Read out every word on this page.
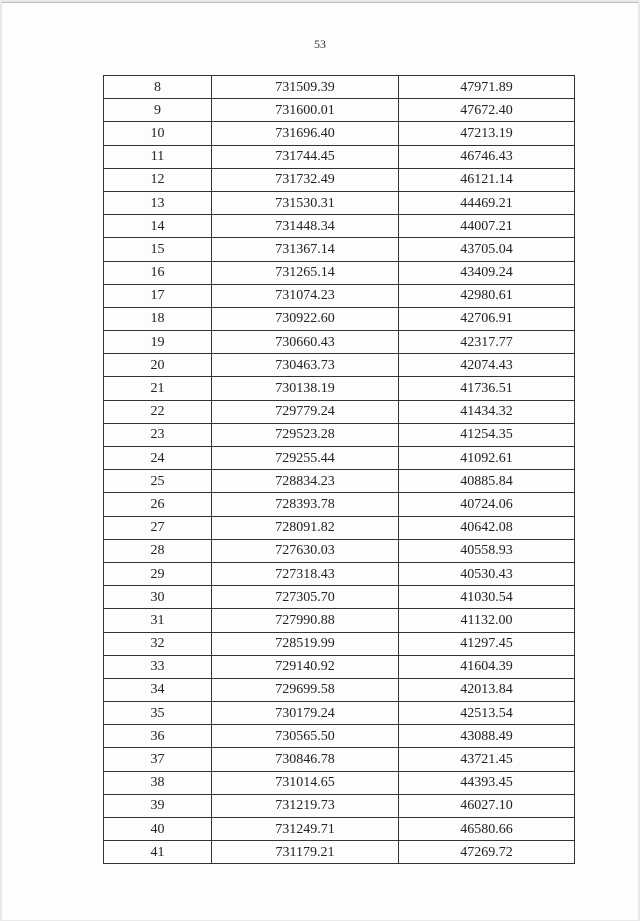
53
8	731509.39	47971.89
9	731600.01	47672.40
10	731696.40	47213.19
11	731744.45	46746.43
12	731732.49	46121.14
13	731530.31	44469.21
14	731448.34	44007.21
15	731367.14	43705.04
16	731265.14	43409.24
17	731074.23	42980.61
18	730922.60	42706.91
19	730660.43	42317.77
20	730463.73	42074.43
21	730138.19	41736.51
22	729779.24	41434.32
23	729523.28	41254.35
24	729255.44	41092.61
25	728834.23	40885.84
26	728393.78	40724.06
27	728091.82	40642.08
28	727630.03	40558.93
29	727318.43	40530.43
30	727305.70	41030.54
31	727990.88	41132.00
32	728519.99	41297.45
33	729140.92	41604.39
34	729699.58	42013.84
35	730179.24	42513.54
36	730565.50	43088.49
37	730846.78	43721.45
38	731014.65	44393.45
39	731219.73	46027.10
40	731249.71	46580.66
41	731179.21	47269.72
